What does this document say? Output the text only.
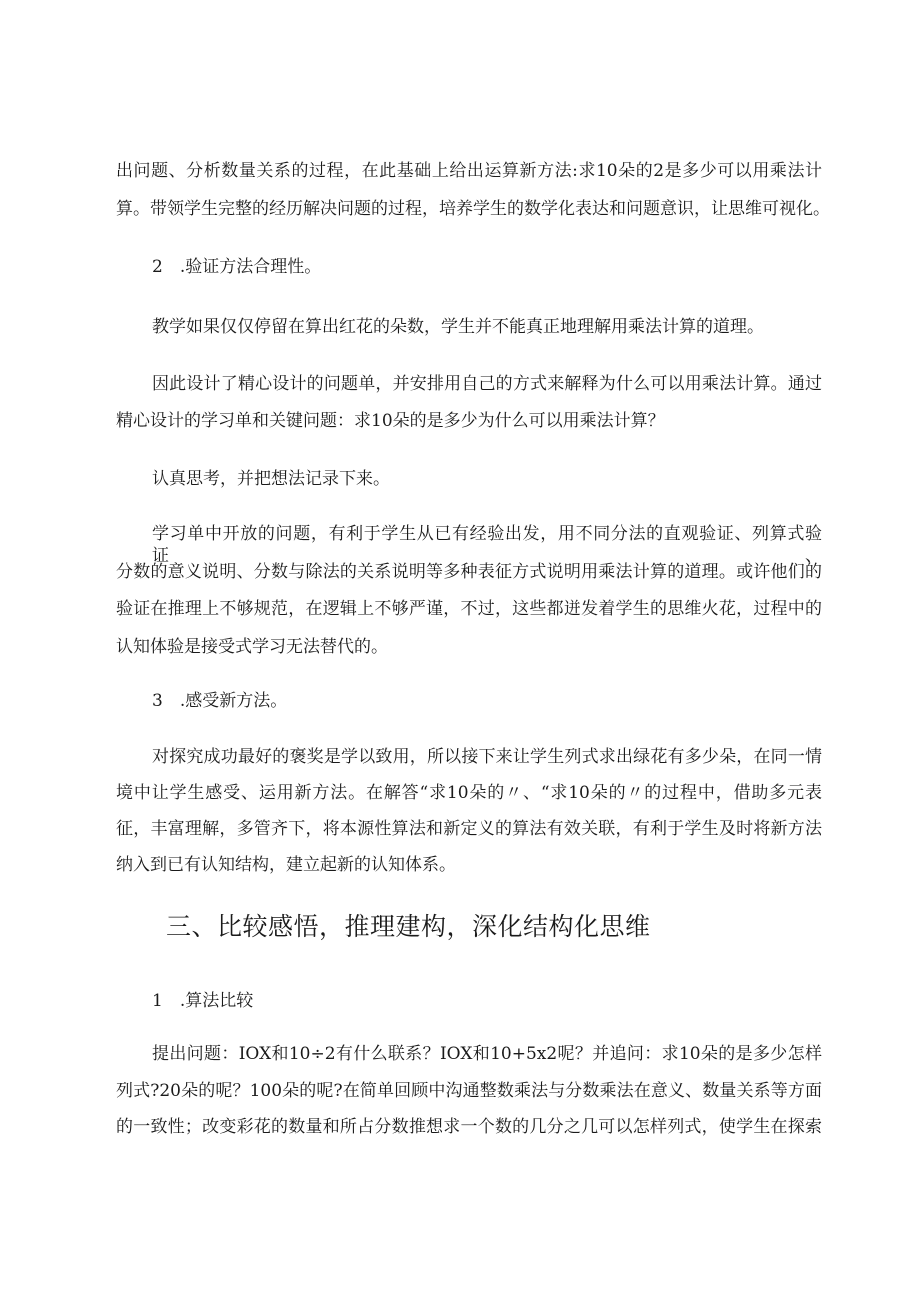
出问题、分析数量关系的过程，在此基础上给出运算新方法:求10朵的2是多少可以用乘法计
算。带领学生完整的经历解决问题的过程，培养学生的数学化表达和问题意识，让思维可视化。
2　.验证方法合理性。
教学如果仅仅停留在算出红花的朵数，学生并不能真正地理解用乘法计算的道理。
因此设计了精心设计的问题单，并安排用自己的方式来解释为什么可以用乘法计算。通过
精心设计的学习单和关键问题：求10朵的是多少为什么可以用乘法计算？
认真思考，并把想法记录下来。
学习单中开放的问题，有利于学生从已有经验出发，用不同分法的直观验证、列算式验证、
分数的意义说明、分数与除法的关系说明等多种表征方式说明用乘法计算的道理。或许他们的
验证在推理上不够规范，在逻辑上不够严谨，不过，这些都迸发着学生的思维火花，过程中的
认知体验是接受式学习无法替代的。
3　.感受新方法。
对探究成功最好的褒奖是学以致用，所以接下来让学生列式求出绿花有多少朵，在同一情
境中让学生感受、运用新方法。在解答“求10朵的〃、“求10朵的〃的过程中，借助多元表
征，丰富理解，多管齐下，将本源性算法和新定义的算法有效关联，有利于学生及时将新方法
纳入到已有认知结构，建立起新的认知体系。
三、比较感悟，推理建构，深化结构化思维
1　.算法比较
提出问题：IOX和10÷2有什么联系？IOX和10+5x2呢？并追问：求10朵的是多少怎样
列式?20朵的呢？100朵的呢?在简单回顾中沟通整数乘法与分数乘法在意义、数量关系等方面
的一致性；改变彩花的数量和所占分数推想求一个数的几分之几可以怎样列式，使学生在探索
